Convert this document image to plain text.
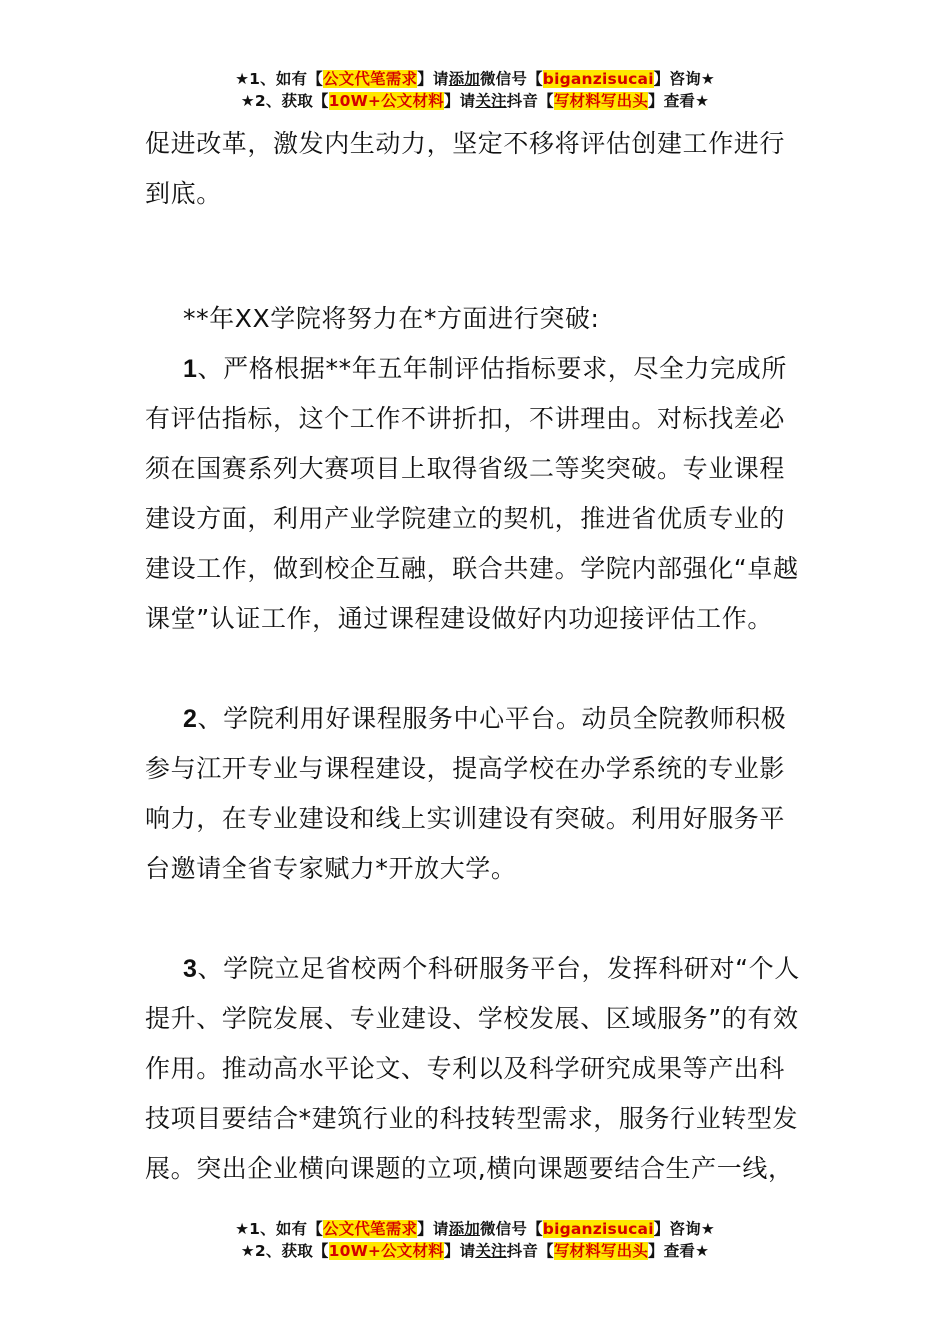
★1、如有【公文代笔需求】请添加微信号【biganzisucai】咨询★
★2、获取【10W+公文材料】请关注抖音【写材料写出头】查看★

促进改革，激发内生动力，坚定不移将评估创建工作进行到底。

**年XX学院将努力在*方面进行突破:

1、严格根据**年五年制评估指标要求，尽全力完成所有评估指标，这个工作不讲折扣，不讲理由。对标找差必须在国赛系列大赛项目上取得省级二等奖突破。专业课程建设方面，利用产业学院建立的契机，推进省优质专业的建设工作，做到校企互融，联合共建。学院内部强化“卓越课堂”认证工作，通过课程建设做好内功迎接评估工作。

2、学院利用好课程服务中心平台。动员全院教师积极参与江开专业与课程建设，提高学校在办学系统的专业影响力，在专业建设和线上实训建设有突破。利用好服务平台邀请全省专家赋力*开放大学。

3、学院立足省校两个科研服务平台，发挥科研对“个人提升、学院发展、专业建设、学校发展、区域服务”的有效作用。推动高水平论文、专利以及科学研究成果等产出科技项目要结合*建筑行业的科技转型需求，服务行业转型发展。突出企业横向课题的立项,横向课题要结合生产一线，

★1、如有【公文代笔需求】请添加微信号【biganzisucai】咨询★
★2、获取【10W+公文材料】请关注抖音【写材料写出头】查看★
